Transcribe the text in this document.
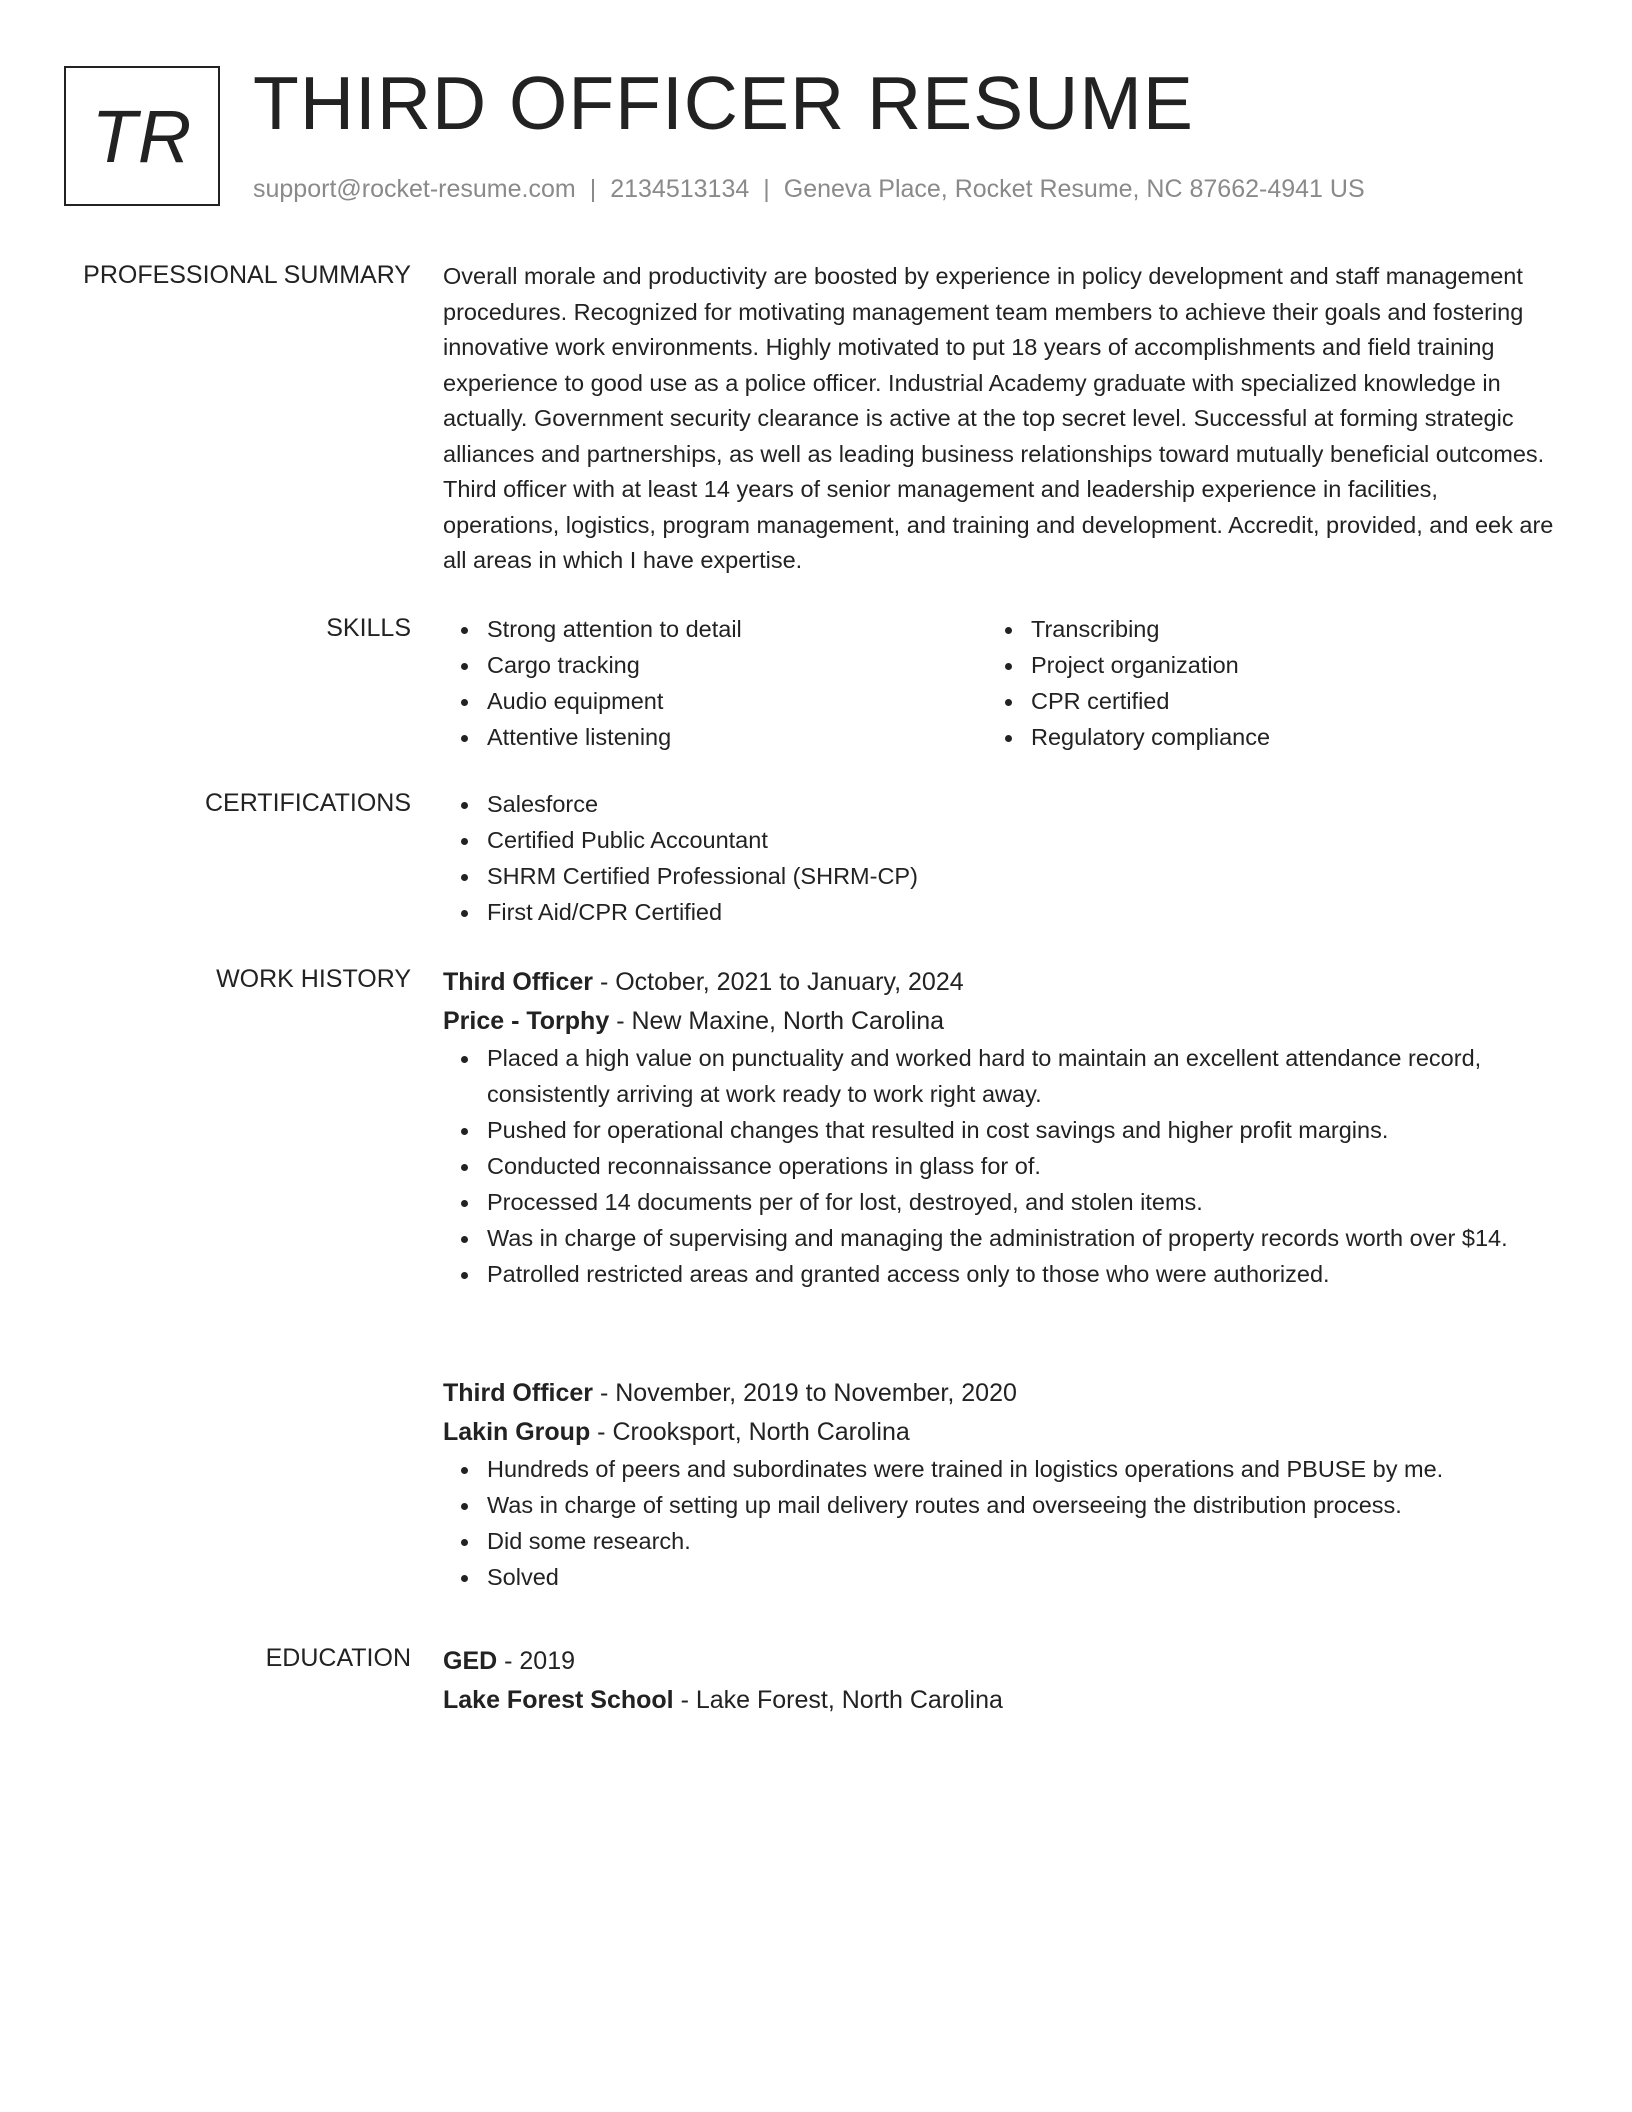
TR THIRD OFFICER RESUME
support@rocket-resume.com | 2134513134 | Geneva Place, Rocket Resume, NC 87662-4941 US
PROFESSIONAL SUMMARY Overall morale and productivity are boosted by experience in policy development and staff management procedures. Recognized for motivating management team members to achieve their goals and fostering innovative work environments. Highly motivated to put 18 years of accomplishments and field training experience to good use as a police officer. Industrial Academy graduate with specialized knowledge in actually. Government security clearance is active at the top secret level. Successful at forming strategic alliances and partnerships, as well as leading business relationships toward mutually beneficial outcomes. Third officer with at least 14 years of senior management and leadership experience in facilities, operations, logistics, program management, and training and development. Accredit, provided, and eek are all areas in which I have expertise.

SKILLS	Strong attention to detail
Cargo tracking
Audio equipment
Attentive listening
Transcribing
Project organization
CPR certified
Regulatory compliance
CERTIFICATIONS	Salesforce
Certified Public Accountant
SHRM Certified Professional (SHRM-CP)
First Aid/CPR Certified
WORK HISTORY Third Officer - October, 2021 to January, 2024
Price - Torphy - New Maxine, North Carolina
Placed a high value on punctuality and worked hard to maintain an excellent attendance record, consistently arriving at work ready to work right away.
Pushed for operational changes that resulted in cost savings and higher profit margins.
Conducted reconnaissance operations in glass for of.
Processed 14 documents per of for lost, destroyed, and stolen items.
Was in charge of supervising and managing the administration of property records worth over $14.
Patrolled restricted areas and granted access only to those who were authorized.
Third Officer - November, 2019 to November, 2020
Lakin Group - Crooksport, North Carolina
Hundreds of peers and subordinates were trained in logistics operations and PBUSE by me.
Was in charge of setting up mail delivery routes and overseeing the distribution process.
Did some research.
Solved
EDUCATION GED - 2019
Lake Forest School - Lake Forest, North Carolina
